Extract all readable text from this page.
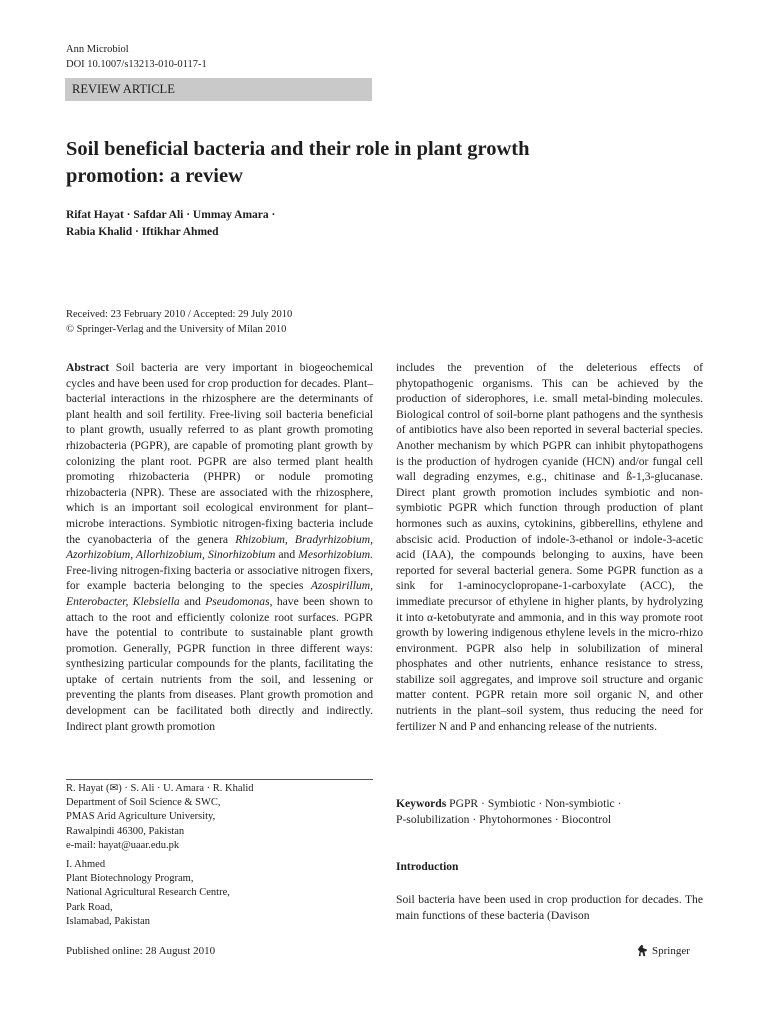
Ann Microbiol
DOI 10.1007/s13213-010-0117-1
REVIEW ARTICLE
Soil beneficial bacteria and their role in plant growth
promotion: a review
Rifat Hayat · Safdar Ali · Ummay Amara ·
Rabia Khalid · Iftikhar Ahmed
Received: 23 February 2010 / Accepted: 29 July 2010
© Springer-Verlag and the University of Milan 2010

Abstract Soil bacteria are very important in biogeochemical cycles and have been used for crop production for decades. Plant–bacterial interactions in the rhizosphere are the determinants of plant health and soil fertility. Free-living soil bacteria beneficial to plant growth, usually referred to as plant growth promoting rhizobacteria (PGPR), are capable of promoting plant growth by colonizing the plant root. PGPR are also termed plant health promoting rhizobacteria (PHPR) or nodule promoting rhizobacteria (NPR). These are associated with the rhizosphere, which is an important soil ecological environment for plant–microbe interactions. Symbiotic nitrogen-fixing bacteria include the cyanobacteria of the genera Rhizobium, Bradyrhizobium, Azorhizobium, Allorhizobium, Sinorhizobium and Mesorhizobium. Free-living nitrogen-fixing bacteria or associative nitrogen fixers, for example bacteria belonging to the species Azospirillum, Enterobacter, Klebsiella and Pseudomonas, have been shown to attach to the root and efficiently colonize root surfaces. PGPR have the potential to contribute to sustainable plant growth promotion. Generally, PGPR function in three different ways: synthesizing particular compounds for the plants, facilitating the uptake of certain nutrients from the soil, and lessening or preventing the plants from diseases. Plant growth promotion and development can be facilitated both directly and indirectly. Indirect plant growth promotion

includes the prevention of the deleterious effects of phytopathogenic organisms. This can be achieved by the production of siderophores, i.e. small metal-binding molecules. Biological control of soil-borne plant pathogens and the synthesis of antibiotics have also been reported in several bacterial species. Another mechanism by which PGPR can inhibit phytopathogens is the production of hydrogen cyanide (HCN) and/or fungal cell wall degrading enzymes, e.g., chitinase and ß-1,3-glucanase. Direct plant growth promotion includes symbiotic and non-symbiotic PGPR which function through production of plant hormones such as auxins, cytokinins, gibberellins, ethylene and abscisic acid. Production of indole-3-ethanol or indole-3-acetic acid (IAA), the compounds belonging to auxins, have been reported for several bacterial genera. Some PGPR function as a sink for 1-aminocyclopropane-1-carboxylate (ACC), the immediate precursor of ethylene in higher plants, by hydrolyzing it into α-ketobutyrate and ammonia, and in this way promote root growth by lowering indigenous ethylene levels in the micro-rhizo environment. PGPR also help in solubilization of mineral phosphates and other nutrients, enhance resistance to stress, stabilize soil aggregates, and improve soil structure and organic matter content. PGPR retain more soil organic N, and other nutrients in the plant–soil system, thus reducing the need for fertilizer N and P and enhancing release of the nutrients.

R. Hayat (✉) · S. Ali · U. Amara · R. Khalid
Department of Soil Science & SWC,
PMAS Arid Agriculture University,
Rawalpindi 46300, Pakistan
e-mail: hayat@uaar.edu.pk
I. Ahmed
Plant Biotechnology Program,
National Agricultural Research Centre,
Park Road,
Islamabad, Pakistan
Keywords PGPR · Symbiotic · Non-symbiotic ·
P-solubilization · Phytohormones · Biocontrol
Introduction
Soil bacteria have been used in crop production for decades. The main functions of these bacteria (Davison
Published online: 28 August 2010	Springer
